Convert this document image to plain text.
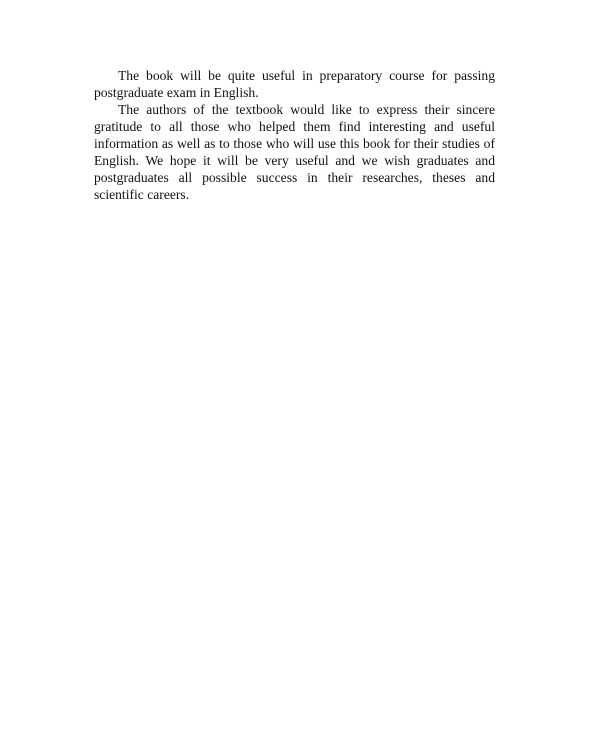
The book will be quite useful in preparatory course for passing postgraduate exam in English.

The authors of the textbook would like to express their sincere gratitude to all those who helped them find interesting and useful information as well as to those who will use this book for their studies of English. We hope it will be very useful and we wish graduates and postgraduates all possible success in their researches, theses and scientific careers.
